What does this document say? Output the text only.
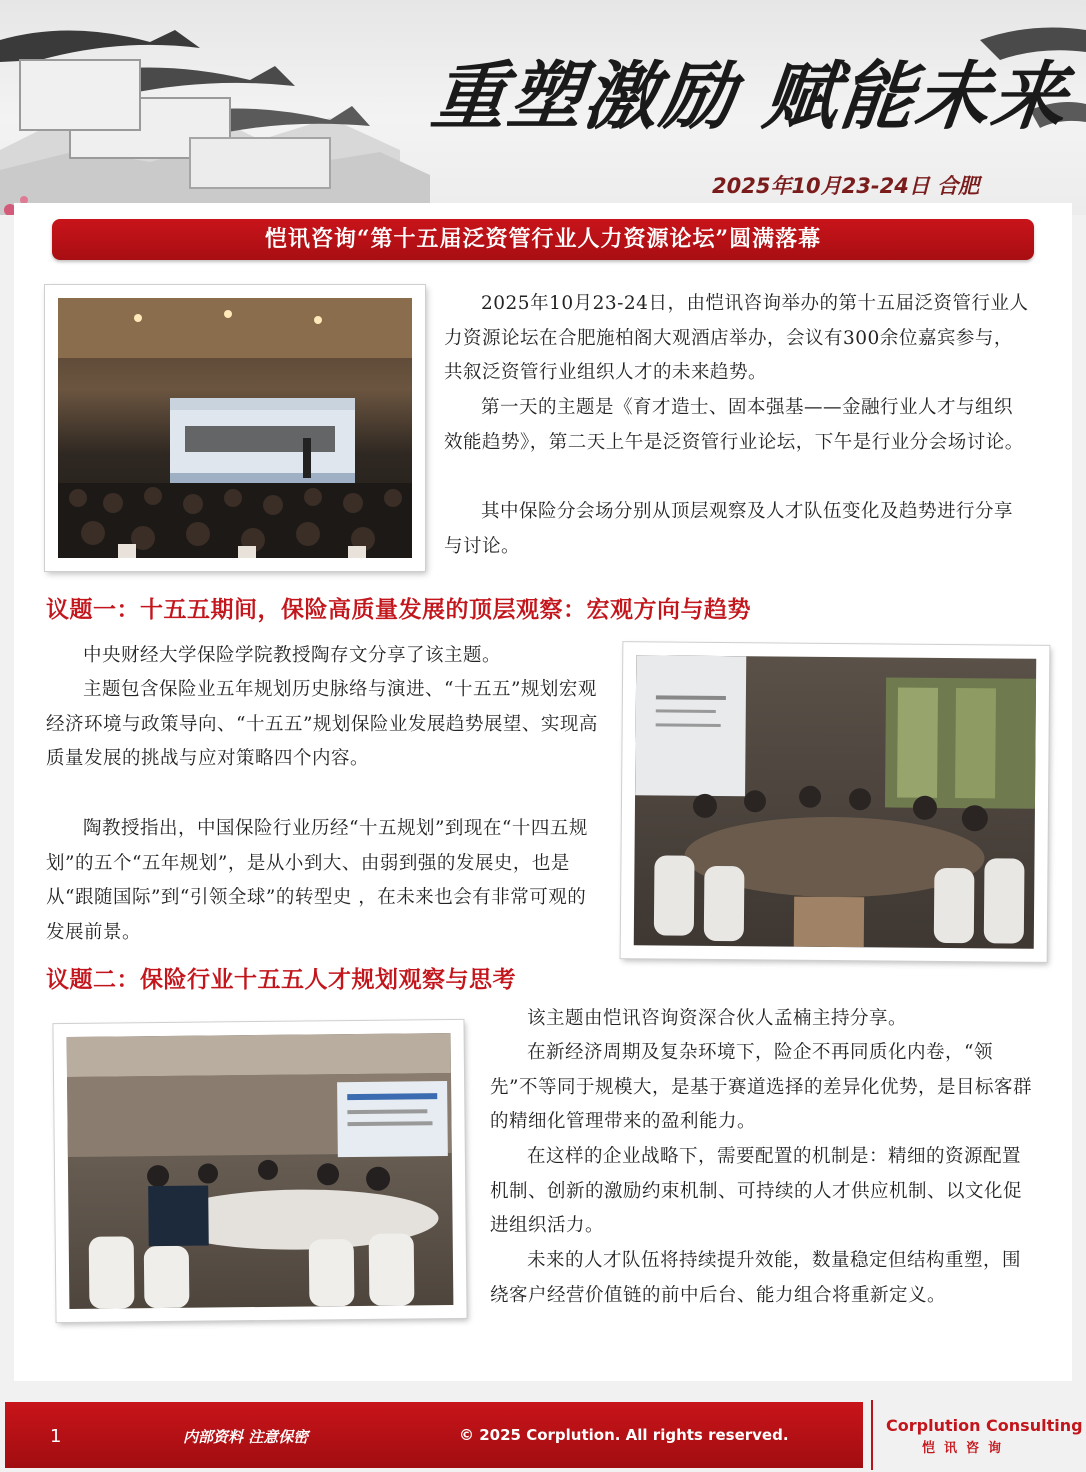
重塑激励 赋能未来
2025年10月23-24日 合肥
恺讯咨询“第十五届泛资管行业人力资源论坛”圆满落幕

2025年10月23-24日，由恺讯咨询举办的第十五届泛资管行业人力资源论坛在合肥施柏阁大观酒店举办，会议有300余位嘉宾参与，共叙泛资管行业组织人才的未来趋势。

第一天的主题是《育才造士、固本强基——金融行业人才与组织效能趋势》，第二天上午是泛资管行业论坛，下午是行业分会场讨论。

其中保险分会场分别从顶层观察及人才队伍变化及趋势进行分享与讨论。

议题一：十五五期间，保险高质量发展的顶层观察：宏观方向与趋势

中央财经大学保险学院教授陶存文分享了该主题。

主题包含保险业五年规划历史脉络与演进、“十五五”规划宏观经济环境与政策导向、“十五五”规划保险业发展趋势展望、实现高质量发展的挑战与应对策略四个内容。

陶教授指出，中国保险行业历经“十五规划”到现在“十四五规划”的五个“五年规划”，是从小到大、由弱到强的发展史，也是从“跟随国际”到“引领全球”的转型史 ，在未来也会有非常可观的发展前景。

议题二：保险行业十五五人才规划观察与思考

该主题由恺讯咨询资深合伙人孟楠主持分享。

在新经济周期及复杂环境下，险企不再同质化内卷，“领先”不等同于规模大，是基于赛道选择的差异化优势，是目标客群的精细化管理带来的盈利能力。

在这样的企业战略下，需要配置的机制是：精细的资源配置机制、创新的激励约束机制、可持续的人才供应机制、以文化促进组织活力。

未来的人才队伍将持续提升效能，数量稳定但结构重塑，围绕客户经营价值链的前中后台、能力组合将重新定义。

1	内部资料 注意保密	© 2025 Corplution. All rights reserved.	Corplution Consulting
恺讯咨询
